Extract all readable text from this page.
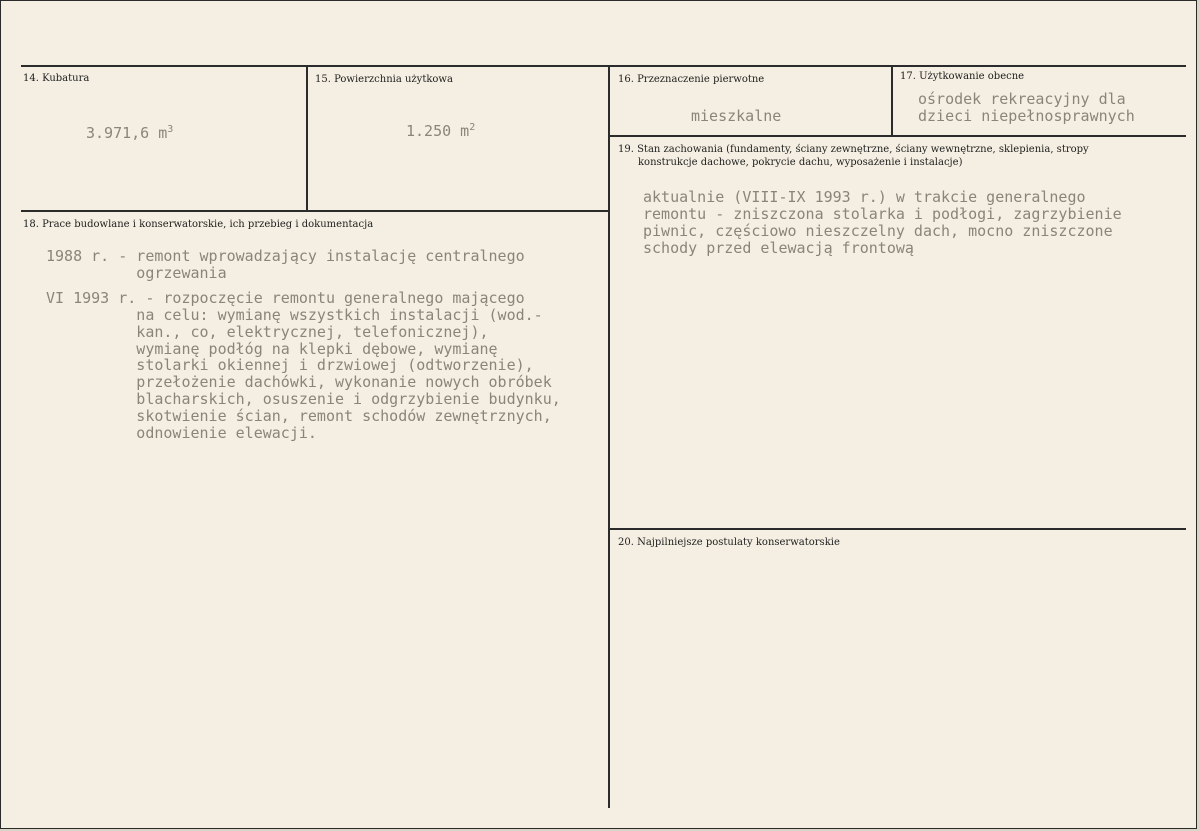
14. Kubatura
3.971,6 $m^3$
15. Powierzchnia użytkowa
1.250 $m^2$
16. Przeznaczenie pierwotne
mieszkalne
17. Użytkowanie obecne
ośrodek rekreacyjny dla
dzieci niepełnosprawnych
18. Prace budowlane i konserwatorskie, ich przebieg i dokumentacja
1988 r. - remont wprowadzający instalację centralnego
ogrzewania
VI 1993 r. - rozpoczęcie remontu generalnego mającego
na celu: wymianę wszystkich instalacji (wod.-
kan., co, elektrycznej, telefonicznej),
wymianę podłóg na klepki dębowe, wymianę
stolarki okiennej i drzwiowej (odtworzenie),
przełożenie dachówki, wykonanie nowych obróbek
blacharskich, osuszenie i odgrzybienie budynku,
skotwienie ścian, remont schodów zewnętrznych,
odnowienie elewacji.
19. Stan zachowania (fundamenty, ściany zewnętrzne, ściany wewnętrzne, sklepienia, stropy
konstrukcje dachowe, pokrycie dachu, wyposażenie i instalacje)
aktualnie (VIII-IX 1993 r.) w trakcie generalnego
remontu - zniszczona stolarka i podłogi, zagrzybienie
piwnic, częściowo nieszczelny dach, mocno zniszczone
schody przed elewacją frontową
20. Najpilniejsze postulaty konserwatorskie
